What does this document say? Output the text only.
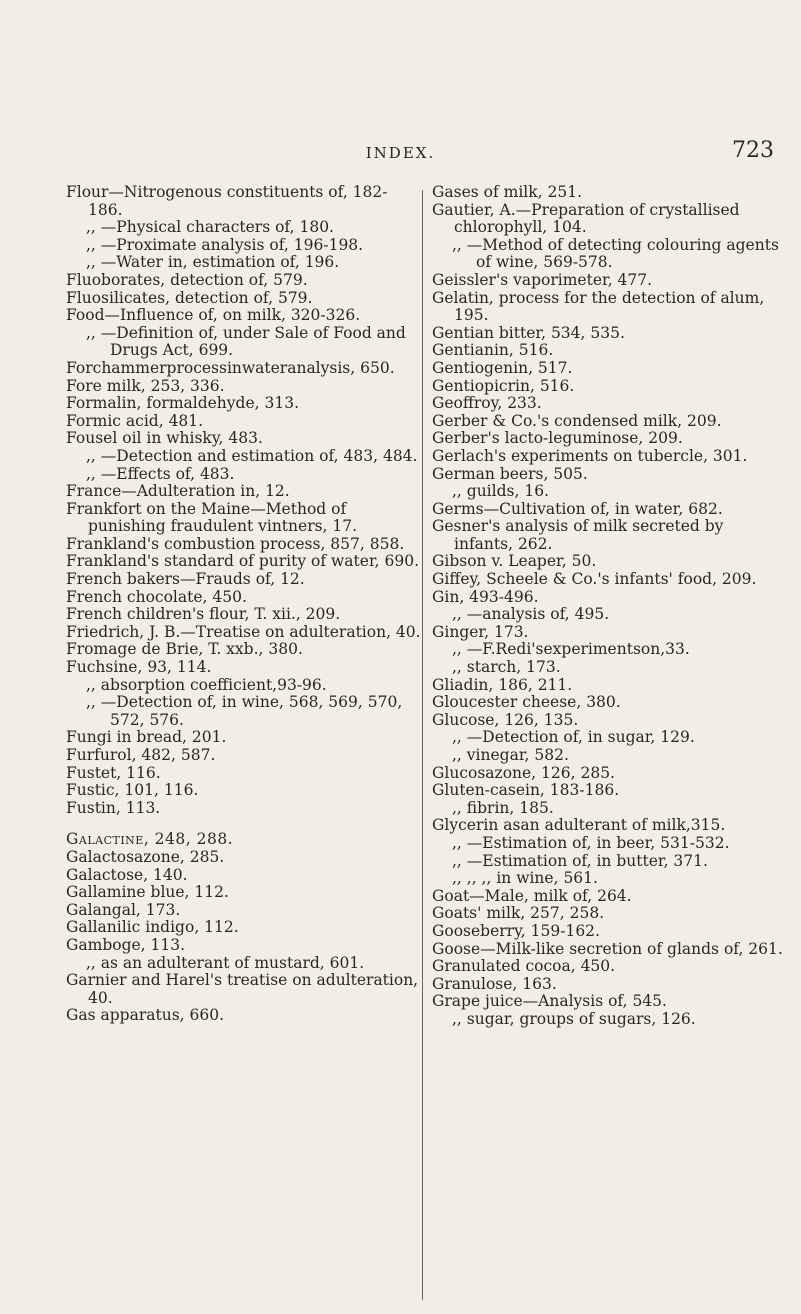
INDEX.	723
Flour—Nitrogenous constituents of, 182-186.
,, —Physical characters of, 180.
,, —Proximate analysis of, 196-198.
,, —Water in, estimation of, 196.
Fluoborates, detection of, 579.
Fluosilicates, detection of, 579.
Food—Influence of, on milk, 320-326.
,, —Definition of, under Sale of Food and Drugs Act, 699.
Forchammerprocessinwateranalysis, 650.
Fore milk, 253, 336.
Formalin, formaldehyde, 313.
Formic acid, 481.
Fousel oil in whisky, 483.
,, —Detection and estimation of, 483, 484.
,, —Effects of, 483.
France—Adulteration in, 12.
Frankfort on the Maine—Method of punishing fraudulent vintners, 17.
Frankland's combustion process, 857, 858.
Frankland's standard of purity of water, 690.
French bakers—Frauds of, 12.
French chocolate, 450.
French children's flour, T. xii., 209.
Friedrich, J. B.—Treatise on adulteration, 40.
Fromage de Brie, T. xxb., 380.
Fuchsine, 93, 114.
,, absorption coefficient,93-96.
,, —Detection of, in wine, 568, 569, 570, 572, 576.
Fungi in bread, 201.
Furfurol, 482, 587.
Fustet, 116.
Fustic, 101, 116.
Fustin, 113.
Galactine, 248, 288.
Galactosazone, 285.
Galactose, 140.
Gallamine blue, 112.
Galangal, 173.
Gallanilic indigo, 112.
Gamboge, 113.
,, as an adulterant of mustard, 601.
Garnier and Harel's treatise on adulteration, 40.
Gas apparatus, 660.
Gases of milk, 251.
Gautier, A.—Preparation of crystallised chlorophyll, 104.
,, —Method of detecting colouring agents of wine, 569-578.
Geissler's vaporimeter, 477.
Gelatin, process for the detection of alum, 195.
Gentian bitter, 534, 535.
Gentianin, 516.
Gentiogenin, 517.
Gentiopicrin, 516.
Geoffroy, 233.
Gerber & Co.'s condensed milk, 209.
Gerber's lacto-leguminose, 209.
Gerlach's experiments on tubercle, 301.
German beers, 505.
,, guilds, 16.
Germs—Cultivation of, in water, 682.
Gesner's analysis of milk secreted by infants, 262.
Gibson v. Leaper, 50.
Giffey, Scheele & Co.'s infants' food, 209.
Gin, 493-496.
,, —analysis of, 495.
Ginger, 173.
,, —F.Redi'sexperimentson,33.
,, starch, 173.
Gliadin, 186, 211.
Gloucester cheese, 380.
Glucose, 126, 135.
,, —Detection of, in sugar, 129.
,, vinegar, 582.
Glucosazone, 126, 285.
Gluten-casein, 183-186.
,, fibrin, 185.
Glycerin asan adulterant of milk,315.
,, —Estimation of, in beer, 531-532.
,, —Estimation of, in butter, 371.
,, ,, ,, in wine, 561.
Goat—Male, milk of, 264.
Goats' milk, 257, 258.
Gooseberry, 159-162.
Goose—Milk-like secretion of glands of, 261.
Granulated cocoa, 450.
Granulose, 163.
Grape juice—Analysis of, 545.
,, sugar, groups of sugars, 126.
